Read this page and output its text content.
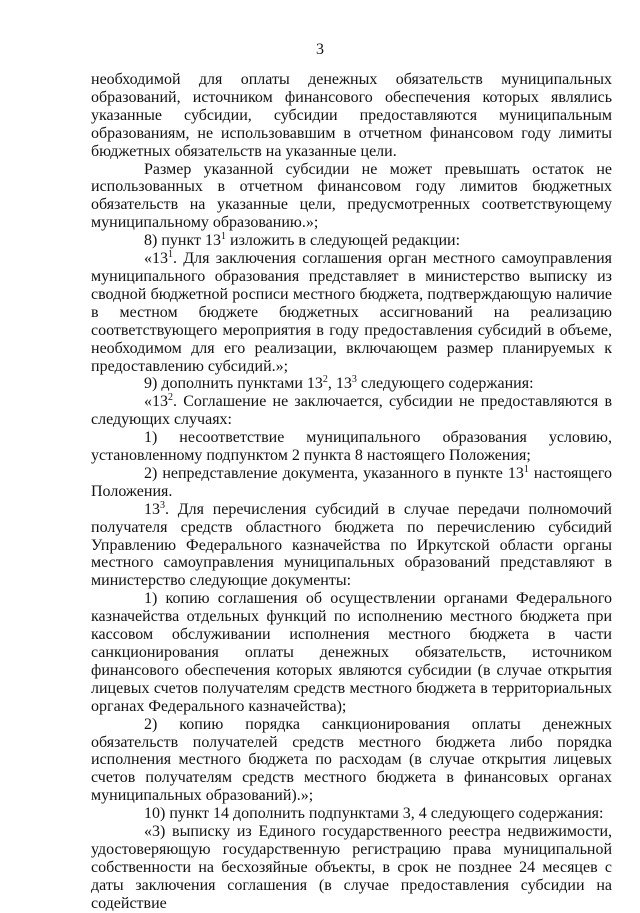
3

необходимой для оплаты денежных обязательств муниципальных образований, источником финансового обеспечения которых являлись указанные субсидии, субсидии предоставляются муниципальным образованиям, не использовавшим в отчетном финансовом году лимиты бюджетных обязательств на указанные цели.

Размер указанной субсидии не может превышать остаток не использованных в отчетном финансовом году лимитов бюджетных обязательств на указанные цели, предусмотренных соответствующему муниципальному образованию.»;

8) пункт $13^1$ изложить в следующей редакции:

«$13^1$. Для заключения соглашения орган местного самоуправления муниципального образования представляет в министерство выписку из сводной бюджетной росписи местного бюджета, подтверждающую наличие в местном бюджете бюджетных ассигнований на реализацию соответствующего мероприятия в году предоставления субсидий в объеме, необходимом для его реализации, включающем размер планируемых к предоставлению субсидий.»;

9) дополнить пунктами $13^2$, $13^3$ следующего содержания:

«$13^2$. Соглашение не заключается, субсидии не предоставляются в следующих случаях:

1) несоответствие муниципального образования условию, установленному подпунктом 2 пункта 8 настоящего Положения;

2) непредставление документа, указанного в пункте $13^1$ настоящего Положения.

$13^3$. Для перечисления субсидий в случае передачи полномочий получателя средств областного бюджета по перечислению субсидий Управлению Федерального казначейства по Иркутской области органы местного самоуправления муниципальных образований представляют в министерство следующие документы:

1) копию соглашения об осуществлении органами Федерального казначейства отдельных функций по исполнению местного бюджета при кассовом обслуживании исполнения местного бюджета в части санкционирования оплаты денежных обязательств, источником финансового обеспечения которых являются субсидии (в случае открытия лицевых счетов получателям средств местного бюджета в территориальных органах Федерального казначейства);

2) копию порядка санкционирования оплаты денежных обязательств получателей средств местного бюджета либо порядка исполнения местного бюджета по расходам (в случае открытия лицевых счетов получателям средств местного бюджета в финансовых органах муниципальных образований).»;

10) пункт 14 дополнить подпунктами 3, 4 следующего содержания:

«3) выписку из Единого государственного реестра недвижимости, удостоверяющую государственную регистрацию права муниципальной собственности на бесхозяйные объекты, в срок не позднее 24 месяцев с даты заключения соглашения (в случае предоставления субсидии на содействие
